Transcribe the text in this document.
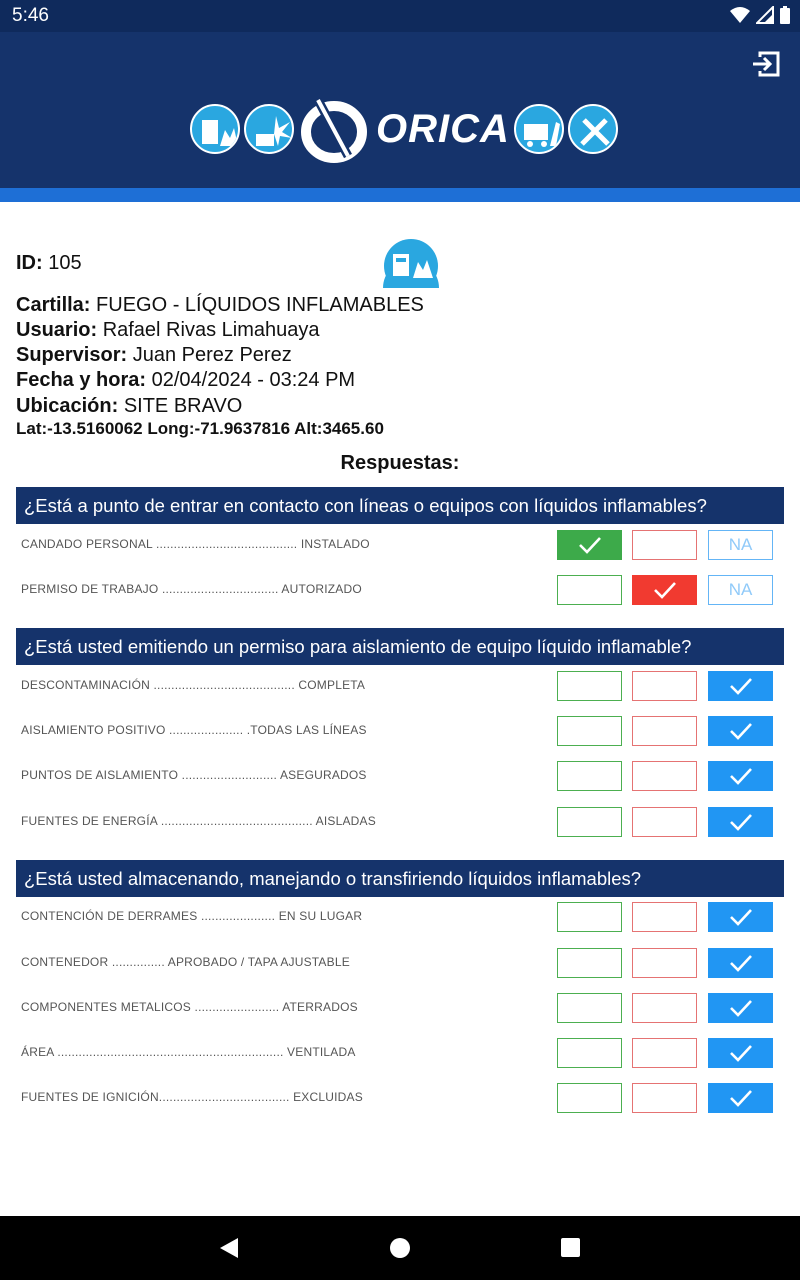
5:46
ORICA
ID: 105
Cartilla: FUEGO - LÍQUIDOS INFLAMABLES
Usuario: Rafael Rivas Limahuaya
Supervisor: Juan Perez Perez
Fecha y hora: 02/04/2024 - 03:24 PM
Ubicación: SITE BRAVO
Lat:-13.5160062 Long:-71.9637816 Alt:3465.60
Respuestas:
¿Está a punto de entrar en contacto con líneas o equipos con líquidos inflamables?
CANDADO PERSONAL ........................................ INSTALADO	NA
PERMISO DE TRABAJO ................................. AUTORIZADO	NA
¿Está usted emitiendo un permiso para aislamiento de equipo líquido inflamable?
DESCONTAMINACIÓN ........................................ COMPLETA
AISLAMIENTO POSITIVO ..................... .TODAS LAS LÍNEAS
PUNTOS DE AISLAMIENTO ........................... ASEGURADOS
FUENTES DE ENERGÍA ........................................... AISLADAS
¿Está usted almacenando, manejando o transfiriendo líquidos inflamables?
CONTENCIÓN DE DERRAMES ..................... EN SU LUGAR
CONTENEDOR ............... APROBADO / TAPA AJUSTABLE
COMPONENTES METALICOS ........................ ATERRADOS
ÁREA ................................................................ VENTILADA
FUENTES DE IGNICIÓN..................................... EXCLUIDAS
